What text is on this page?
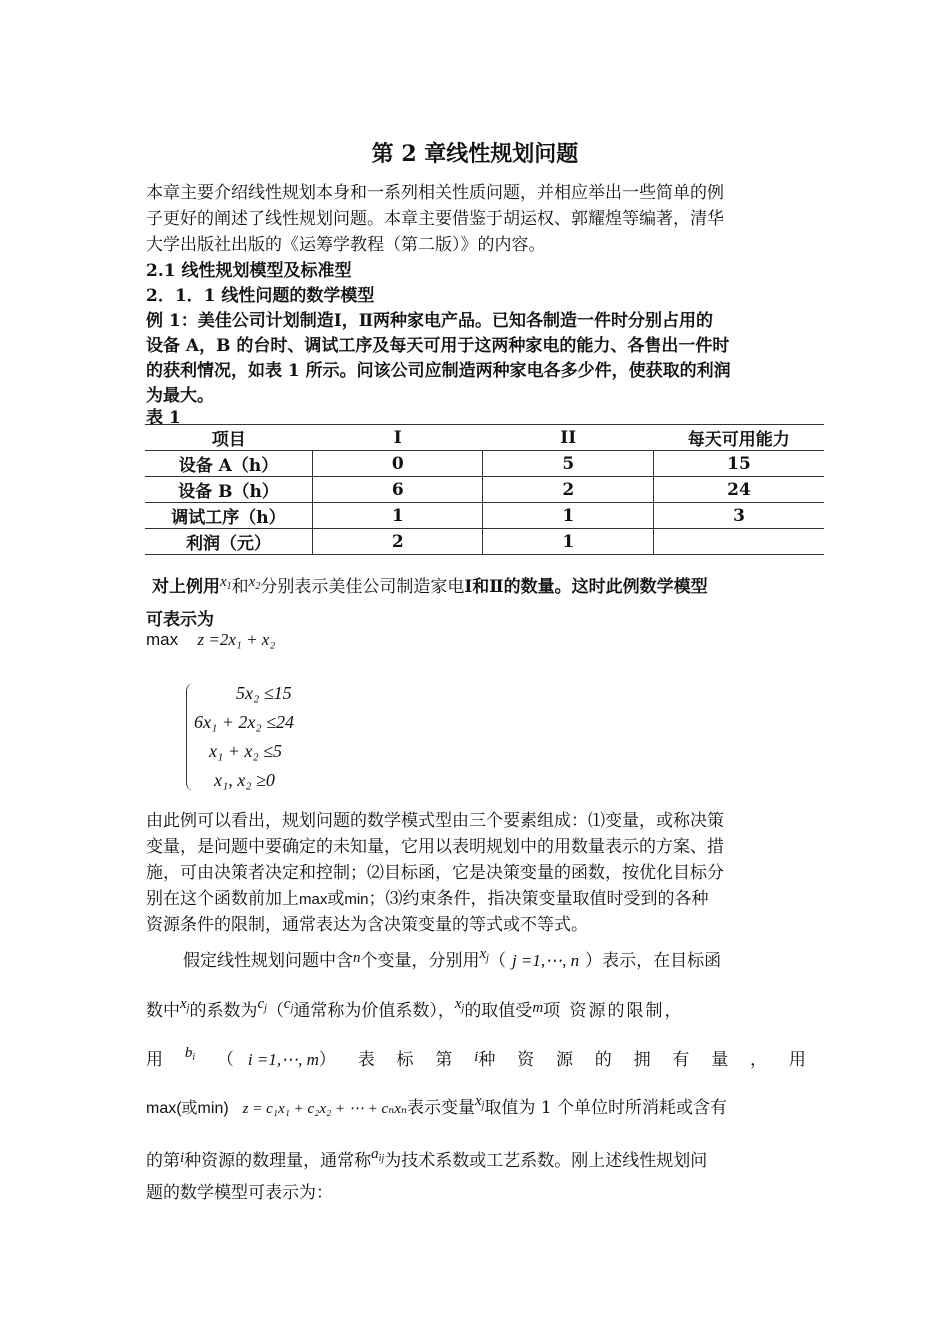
第 2 章线性规划问题
本章主要介绍线性规划本身和一系列相关性质问题，并相应举出一些简单的例
子更好的阐述了线性规划问题。本章主要借鉴于胡运权、郭耀煌等编著，清华
大学出版社出版的《运筹学教程（第二版）》的内容。
2.1 线性规划模型及标准型
2．1．1 线性问题的数学模型
例 1：美佳公司计划制造Ⅰ，Ⅱ两种家电产品。已知各制造一件时分别占用的
设备 A，B 的台时、调试工序及每天可用于这两种家电的能力、各售出一件时
的获利情况，如表 1 所示。问该公司应制造两种家电各多少件，使获取的利润
为最大。
表 1
项目	I	II	每天可用能力
设备 A（h）	0	5	15
设备 B（h）	6	2	24
调试工序（h）	1	1	3
利润（元）	2	1	
对上例用$x_1$和$x_2$分别表示美佳公司制造家电Ⅰ和Ⅱ的数量。这时此例数学模型
可表示为
max z =2x₁ + x₂
5x₂ ≤15
6x₁ + 2x₂ ≤24
x₁ + x₂ ≤5
x₁, x₂ ≥0
由此例可以看出，规划问题的数学模式型由三个要素组成：⑴变量，或称决策
变量，是问题中要确定的未知量，它用以表明规划中的用数量表示的方案、措
施，可由决策者决定和控制；⑵目标函，它是决策变量的函数，按优化目标分
别在这个函数前加上max或min；⑶约束条件，指决策变量取值时受到的各种
资源条件的限制，通常表达为含决策变量的等式或不等式。
假定线性规划问题中含n个变量，分别用$x_j$（ j =1,⋯, n ）表示，在目标函
数中$x_j$的系数为$c_j(c_j$通常称为价值系数），$x_j$的取值受m项 资源的限制，
用 $b_i$ （ i =1,⋯, m） 表 标 第 i种 资 源 的 拥 有 量 ， 用
max(或min) z = c₁x₁ + c₂x₂ + ⋯ + cₙxₙ表示变量$x_j$取值为 1 个单位时所消耗或含有
的第i种资源的数理量，通常称$a_{ij}$为技术系数或工艺系数。刚上述线性规划问
题的数学模型可表示为：
